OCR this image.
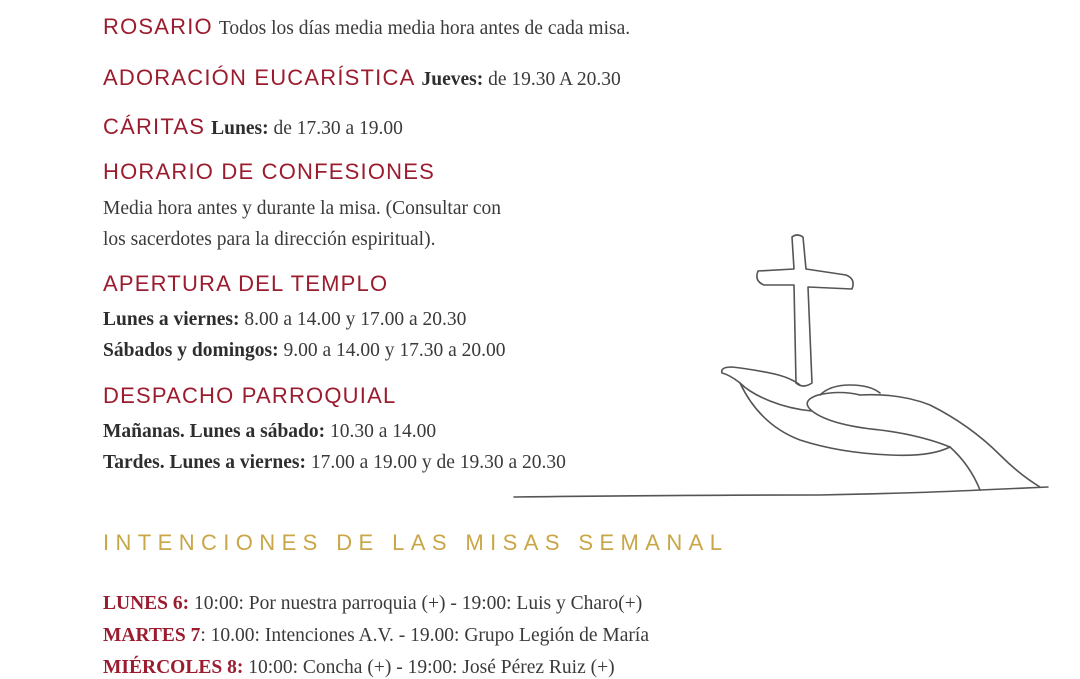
ROSARIO Todos los días media media hora antes de cada misa.
ADORACIÓN EUCARÍSTICA Jueves: de 19.30 A 20.30
CÁRITAS Lunes: de 17.30 a 19.00
HORARIO DE CONFESIONES
Media hora antes y durante la misa. (Consultar con
los sacerdotes para la dirección espiritual).
APERTURA DEL TEMPLO
Lunes a viernes: 8.00 a 14.00 y 17.00 a 20.30
Sábados y domingos: 9.00 a 14.00 y 17.30 a 20.00
DESPACHO PARROQUIAL
Mañanas. Lunes a sábado: 10.30 a 14.00
Tardes. Lunes a viernes: 17.00 a 19.00 y de 19.30 a 20.30
INTENCIONES DE LAS MISAS SEMANAL
LUNES 6: 10:00: Por nuestra parroquia (+) - 19:00: Luis y Charo(+)
MARTES 7: 10.00: Intenciones A.V. - 19.00: Grupo Legión de María
MIÉRCOLES 8: 10:00: Concha (+) - 19:00: José Pérez Ruiz (+)
